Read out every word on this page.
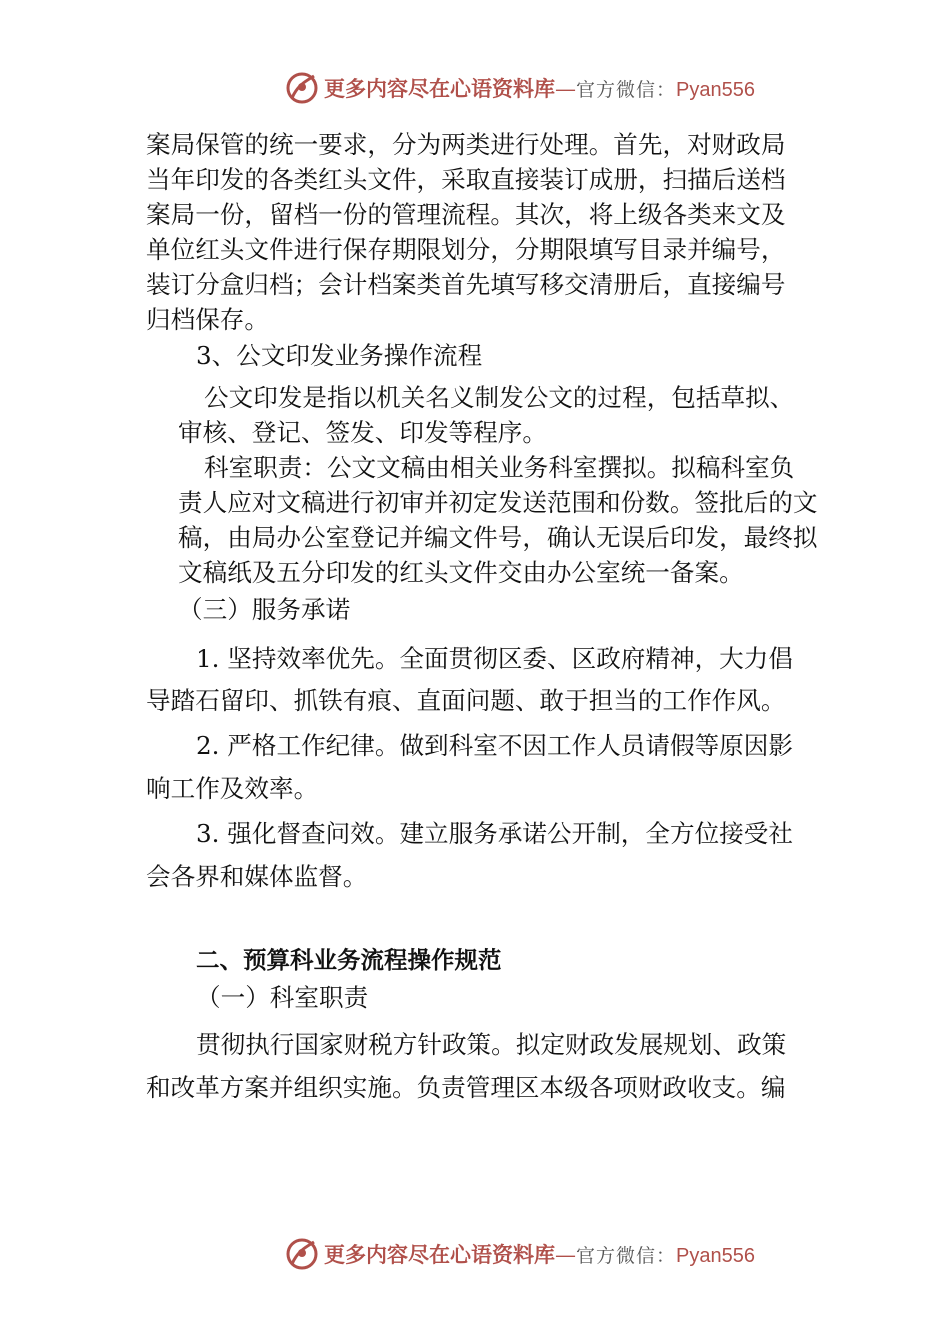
更多内容尽在心语资料库—官方微信：Pyan556
案局保管的统一要求，分为两类进行处理。首先，对财政局
当年印发的各类红头文件，采取直接装订成册，扫描后送档
案局一份，留档一份的管理流程。其次，将上级各类来文及
单位红头文件进行保存期限划分，分期限填写目录并编号，
装订分盒归档；会计档案类首先填写移交清册后，直接编号
归档保存。
3、公文印发业务操作流程
公文印发是指以机关名义制发公文的过程，包括草拟、
审核、登记、签发、印发等程序。
科室职责：公文文稿由相关业务科室撰拟。拟稿科室负
责人应对文稿进行初审并初定发送范围和份数。签批后的文
稿，由局办公室登记并编文件号，确认无误后印发，最终拟
文稿纸及五分印发的红头文件交由办公室统一备案。
（三）服务承诺
1. 坚持效率优先。全面贯彻区委、区政府精神，大力倡
导踏石留印、抓铁有痕、直面问题、敢于担当的工作作风。
2. 严格工作纪律。做到科室不因工作人员请假等原因影
响工作及效率。
3. 强化督查问效。建立服务承诺公开制，全方位接受社
会各界和媒体监督。
二、预算科业务流程操作规范
（一）科室职责
贯彻执行国家财税方针政策。拟定财政发展规划、政策
和改革方案并组织实施。负责管理区本级各项财政收支。编
更多内容尽在心语资料库—官方微信：Pyan556
